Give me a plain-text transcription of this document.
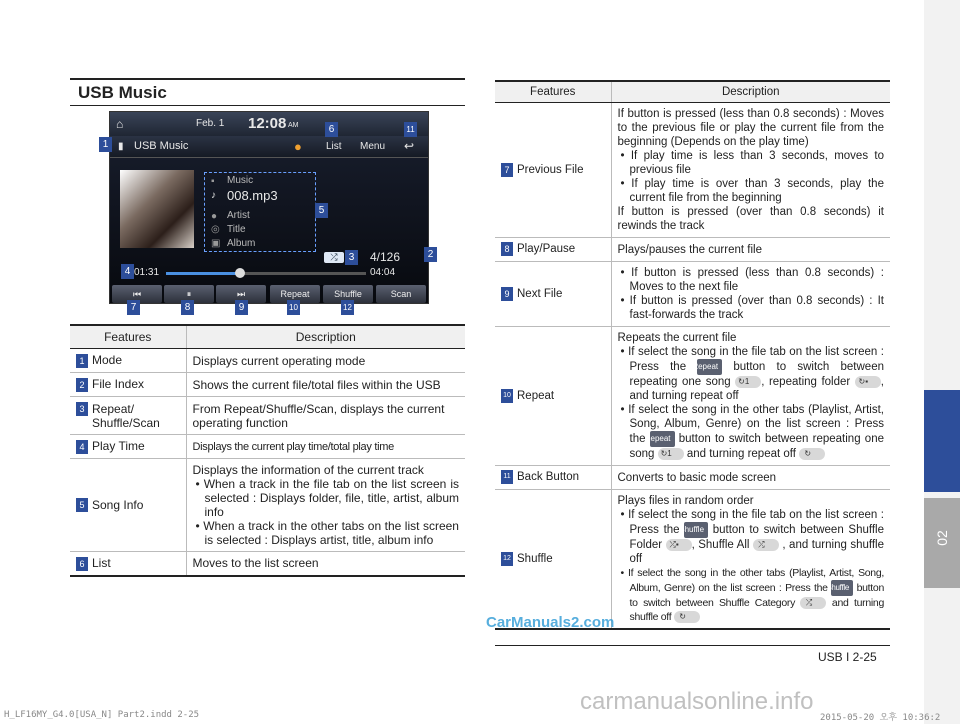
02
USB Music
⌂	Feb. 1 12:08 AM
▮ USB Music	● List Menu ↩
▪ Music
♪ 008.mp3
● Artist
◎ Title
▣ Album
⤮	4/126
01:31	04:04
⏮	⏸	⏭	Repeat	Shuffle	Scan
1
2
3
4
5
6
7	8	9	10
11
12
Features	Description
1 Mode	Displays current operating mode
2 File Index	Shows the current file/total files within the USB

3 Repeat/ Shuffle/Scan	From Repeat/Shuffle/Scan, displays the current operating function
4 Play Time	Displays the current play time/total play time
5 Song Info	Displays the information of the current track
• When a track in the file tab on the list screen is selected : Displays folder, file, title, artist, album info
• When a track in the other tabs on the list screen is selected : Displays artist, title, album info

6 List	Moves to the list screen
Features	Description
7 Previous File	If button is pressed (less than 0.8 seconds) : Moves to the previous file or play the current file from the beginning (Depends on the play time)
• If play time is less than 3 seconds, moves to previous file
• If play time is over than 3 seconds, play the current file from the beginning
If button is pressed (over than 0.8 seconds) it rewinds the track

8 Play/Pause	Plays/pauses the current file
9 Next File	• If button is pressed (less than 0.8 seconds) : Moves to the next file
• If button is pressed (over than 0.8 seconds) : It fast-forwards the track

10 Repeat	Repeats the current file
• If select the song in the file tab on the list screen : Press the Repeat button to switch between repeating one song ↻1 , repeating folder ↻▪ , and turning repeat off
• If select the song in the other tabs (Playlist, Artist, Song, Album, Genre) on the list screen : Press the Repeat button to switch between repeating one song ↻1 and turning repeat off ↻

11 Back Button	Converts to basic mode screen
12 Shuffle	Plays files in random order
• If select the song in the file tab on the list screen : Press the Shuffle button to switch between Shuffle Folder ⤮▪ , Shuffle All ⤮ , and turning shuffle off
• If select the song in the other tabs (Playlist, Artist, Song, Album, Genre) on the list screen : Press the Shuffle button to switch between Shuffle Category ⤮ and turning shuffle off ↻
CarManuals2.com
USB I 2-25
carmanualsonline.info
H_LF16MY_G4.0[USA_N] Part2.indd 2-25	2015-05-20 오후 10:36:2
